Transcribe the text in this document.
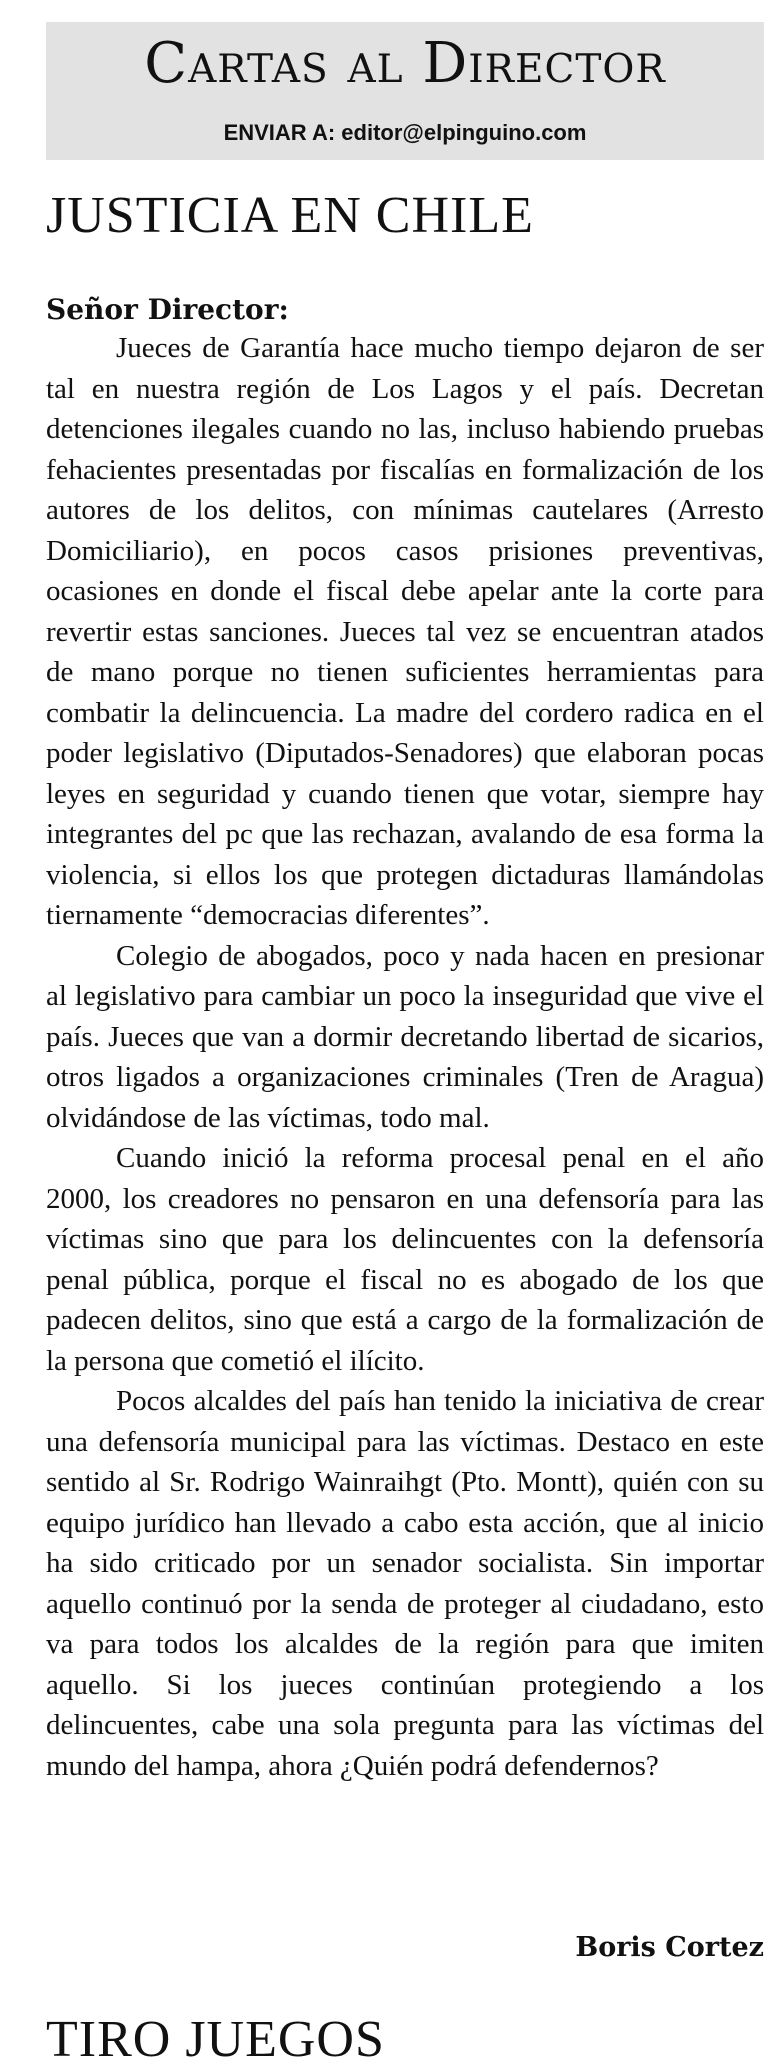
Cartas al Director
ENVIAR A: editor@elpinguino.com
JUSTICIA EN CHILE
Señor Director:

Jueces de Garantía hace mucho tiempo dejaron de ser tal en nuestra región de Los Lagos y el país. Decretan detenciones ilegales cuando no las, incluso habiendo pruebas fehacientes presentadas por fiscalías en formalización de los autores de los delitos, con mínimas cautelares (Arresto Domiciliario), en pocos casos prisiones preventivas, ocasiones en donde el fiscal debe apelar ante la corte para revertir estas sanciones. Jueces tal vez se encuentran atados de mano porque no tienen suficientes herramientas para combatir la delincuencia. La madre del cordero radica en el poder legislativo (Diputados-Senadores) que elaboran pocas leyes en seguridad y cuando tienen que votar, siempre hay integrantes del pc que las rechazan, avalando de esa forma la violencia, si ellos los que protegen dictaduras llamándolas tiernamente “democracias diferentes”.

Colegio de abogados, poco y nada hacen en presionar al legislativo para cambiar un poco la inseguridad que vive el país. Jueces que van a dormir decretando libertad de sicarios, otros ligados a organizaciones criminales (Tren de Aragua) olvidándose de las víctimas, todo mal.

Cuando inició la reforma procesal penal en el año 2000, los creadores no pensaron en una defensoría para las víctimas sino que para los delincuentes con la defensoría penal pública, porque el fiscal no es abogado de los que padecen delitos, sino que está a cargo de la formalización de la persona que cometió el ilícito.

Pocos alcaldes del país han tenido la iniciativa de crear una defensoría municipal para las víctimas. Destaco en este sentido al Sr. Rodrigo Wainraihgt (Pto. Montt), quién con su equipo jurídico han llevado a cabo esta acción, que al inicio ha sido criticado por un senador socialista. Sin importar aquello continuó por la senda de proteger al ciudadano, esto va para todos los alcaldes de la región para que imiten aquello. Si los jueces continúan protegiendo a los delincuentes, cabe una sola pregunta para las víctimas del mundo del hampa, ahora ¿Quién podrá defendernos?

Boris Cortez
TIRO JUEGOS
